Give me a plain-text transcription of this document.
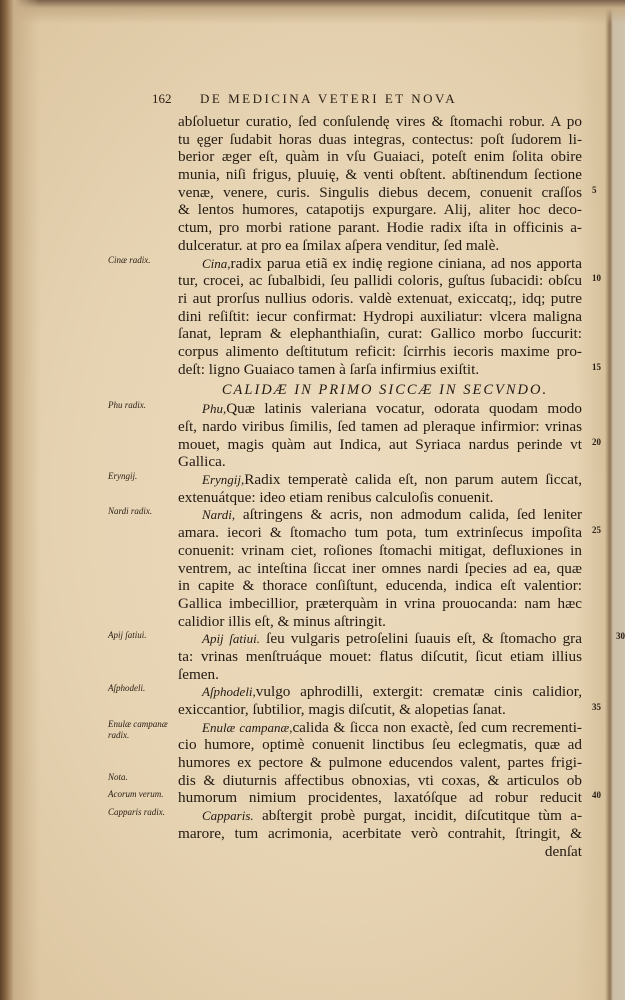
162 DE MEDICINA VETERI ET NOVA
abſoluetur curatio, ſed conſulendę vires & ſtomachi robur. A po
tu ęger ſudabit horas duas integras, contectus: poſt ſudorem li-
berior æger eſt, quàm in vſu Guaiaci, poteſt enim ſolita obire
munia, niſi frigus, pluuię, & venti obſtent. abſtinendum ſectione
venæ, venere, curis. Singulis diebus decem, conuenit craſſos 5
& lentos humores, catapotijs expurgare. Alij, aliter hoc deco-
ctum, pro morbi ratione parant. Hodie radix iſta in officinis a-
dulceratur. at pro ea ſmilax aſpera venditur, ſed malè.
Cinæ radix.	Cina,radix parua etiã ex indię regione ciniana, ad nos apporta
tur, crocei, ac ſubalbidi, ſeu pallidi coloris, guſtus ſubacidi: obſcu 10
ri aut prorſus nullius odoris. valdè extenuat, exiccatq;, idq; putre
dini reſiſtit: iecur confirmat: Hydropi auxiliatur: vlcera maligna
ſanat, lepram & elephanthiaſin, curat: Gallico morbo ſuccurit:
corpus alimento deſtitutum reficit: ſcirrhis iecoris maxime pro-
deſt: ligno Guaiaco tamen à ſarſa infirmius exiſtit.	15
CALIDÆ IN PRIMO SICCÆ IN SECVNDO.
Phu radix.	Phu,Quæ latinis valeriana vocatur, odorata quodam modo
eſt, nardo viribus ſimilis, ſed tamen ad pleraque infirmior: vrinas
mouet, magis quàm aut Indica, aut Syriaca nardus perinde vt 20
Gallica.
Eryngij.	Eryngij,Radix temperatè calida eſt, non parum autem ſiccat,
extenuátque: ideo etiam renibus calculoſis conuenit.
Nardi radix.	Nardi, aſtringens & acris, non admodum calida, ſed leniter
amara. iecori & ſtomacho tum pota, tum extrinſecus impoſita 25
conuenit: vrinam ciet, roſiones ſtomachi mitigat, defluxiones in
ventrem, ac inteſtina ſiccat iner omnes nardi ſpecies ad ea, quæ
in capite & thorace conſiſtunt, educenda, indica eſt valentior:
Gallica imbecillior, præterquàm in vrina prouocanda: nam hæc
calidior illis eſt, & minus aſtringit.
Apij ſatiui.	Apij ſatiui. ſeu vulgaris petroſelini ſuauis eſt, & ſtomacho gra	30
ta: vrinas menſtruáque mouet: flatus diſcutit, ſicut etiam illius
ſemen.
Aſphodeli.	Aſphodeli,vulgo aphrodilli, extergit: crematæ cinis calidior,
exiccantior, ſubtilior, magis diſcutit, & alopetias ſanat.	35
Enulæ campanæ
radix.	Enulæ campanæ,calida & ſicca non exactè, ſed cum recrementi-
cio humore, optimè conuenit linctibus ſeu eclegmatis, quæ ad
humores ex pectore & pulmone educendos valent, partes frigi-
Nota.	dis & diuturnis affectibus obnoxias, vti coxas, & articulos ob
Acorum verum. humorum nimium procidentes, laxatóſque ad robur reducit 40
Capparis radix.	Capparis. abſtergit probè purgat, incidit, diſcutitque tùm a-
marore, tum acrimonia, acerbitate verò contrahit, ſtringit, &
denſat
